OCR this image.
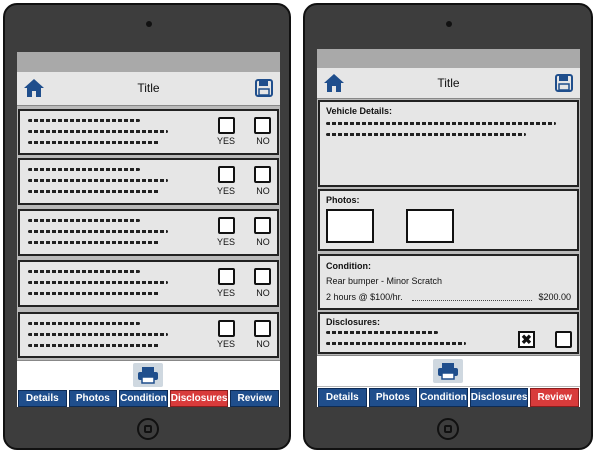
Title
YES	NO
YES	NO
YES	NO
YES	NO
YES	NO
Details	Photos	Condition Disclosures	Review
Title
Vehicle Details:
Photos:
Condition:
Rear bumper - Minor Scratch
2 hours @ $100/hr.	$200.00
Disclosures:
✖
Details	Photos	Condition Disclosures	Review
